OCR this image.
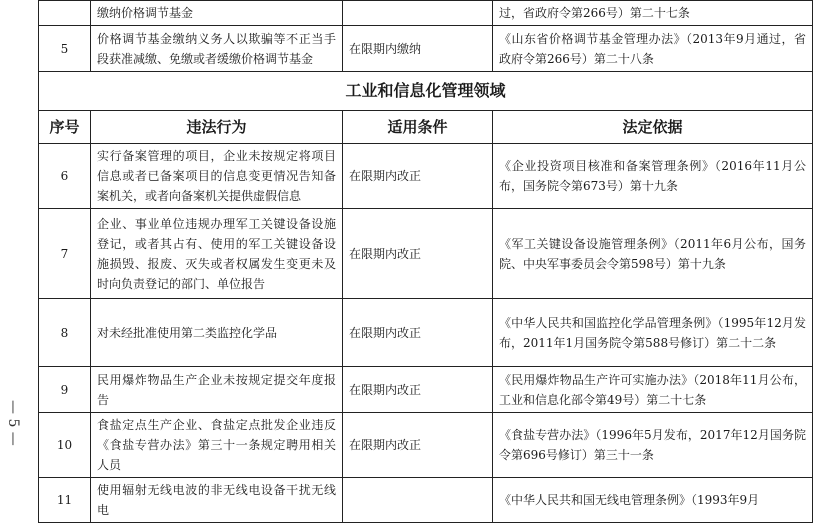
— 5 —
	缴纳价格调节基金		过，省政府令第266号）第二十七条
5	价格调节基金缴纳义务人以欺骗等不正当手段获准减缴、免缴或者缓缴价格调节基金	在限期内缴纳	《山东省价格调节基金管理办法》（2013年9月通过，省政府令第266号）第二十八条
工业和信息化管理领域			
序号	违法行为	适用条件	法定依据
6	实行备案管理的项目，企业未按规定将项目信息或者已备案项目的信息变更情况告知备案机关，或者向备案机关提供虚假信息	在限期内改正	《企业投资项目核准和备案管理条例》（2016年11月公布，国务院令第673号）第十九条
7	企业、事业单位违规办理军工关键设备设施登记，或者其占有、使用的军工关键设备设施损毁、报废、灭失或者权属发生变更未及时向负责登记的部门、单位报告	在限期内改正	《军工关键设备设施管理条例》（2011年6月公布，国务院、中央军事委员会令第598号）第十九条
8	对未经批准使用第二类监控化学品	在限期内改正	《中华人民共和国监控化学品管理条例》（1995年12月发布，2011年1月国务院令第588号修订）第二十二条
9	民用爆炸物品生产企业未按规定提交年度报告	在限期内改正	《民用爆炸物品生产许可实施办法》（2018年11月公布，工业和信息化部令第49号）第二十七条
10	食盐定点生产企业、食盐定点批发企业违反《食盐专营办法》第三十一条规定聘用相关人员	在限期内改正	《食盐专营办法》（1996年5月发布，2017年12月国务院令第696号修订）第三十一条
11	使用辐射无线电波的非无线电设备干扰无线电		《中华人民共和国无线电管理条例》（1993年9月
